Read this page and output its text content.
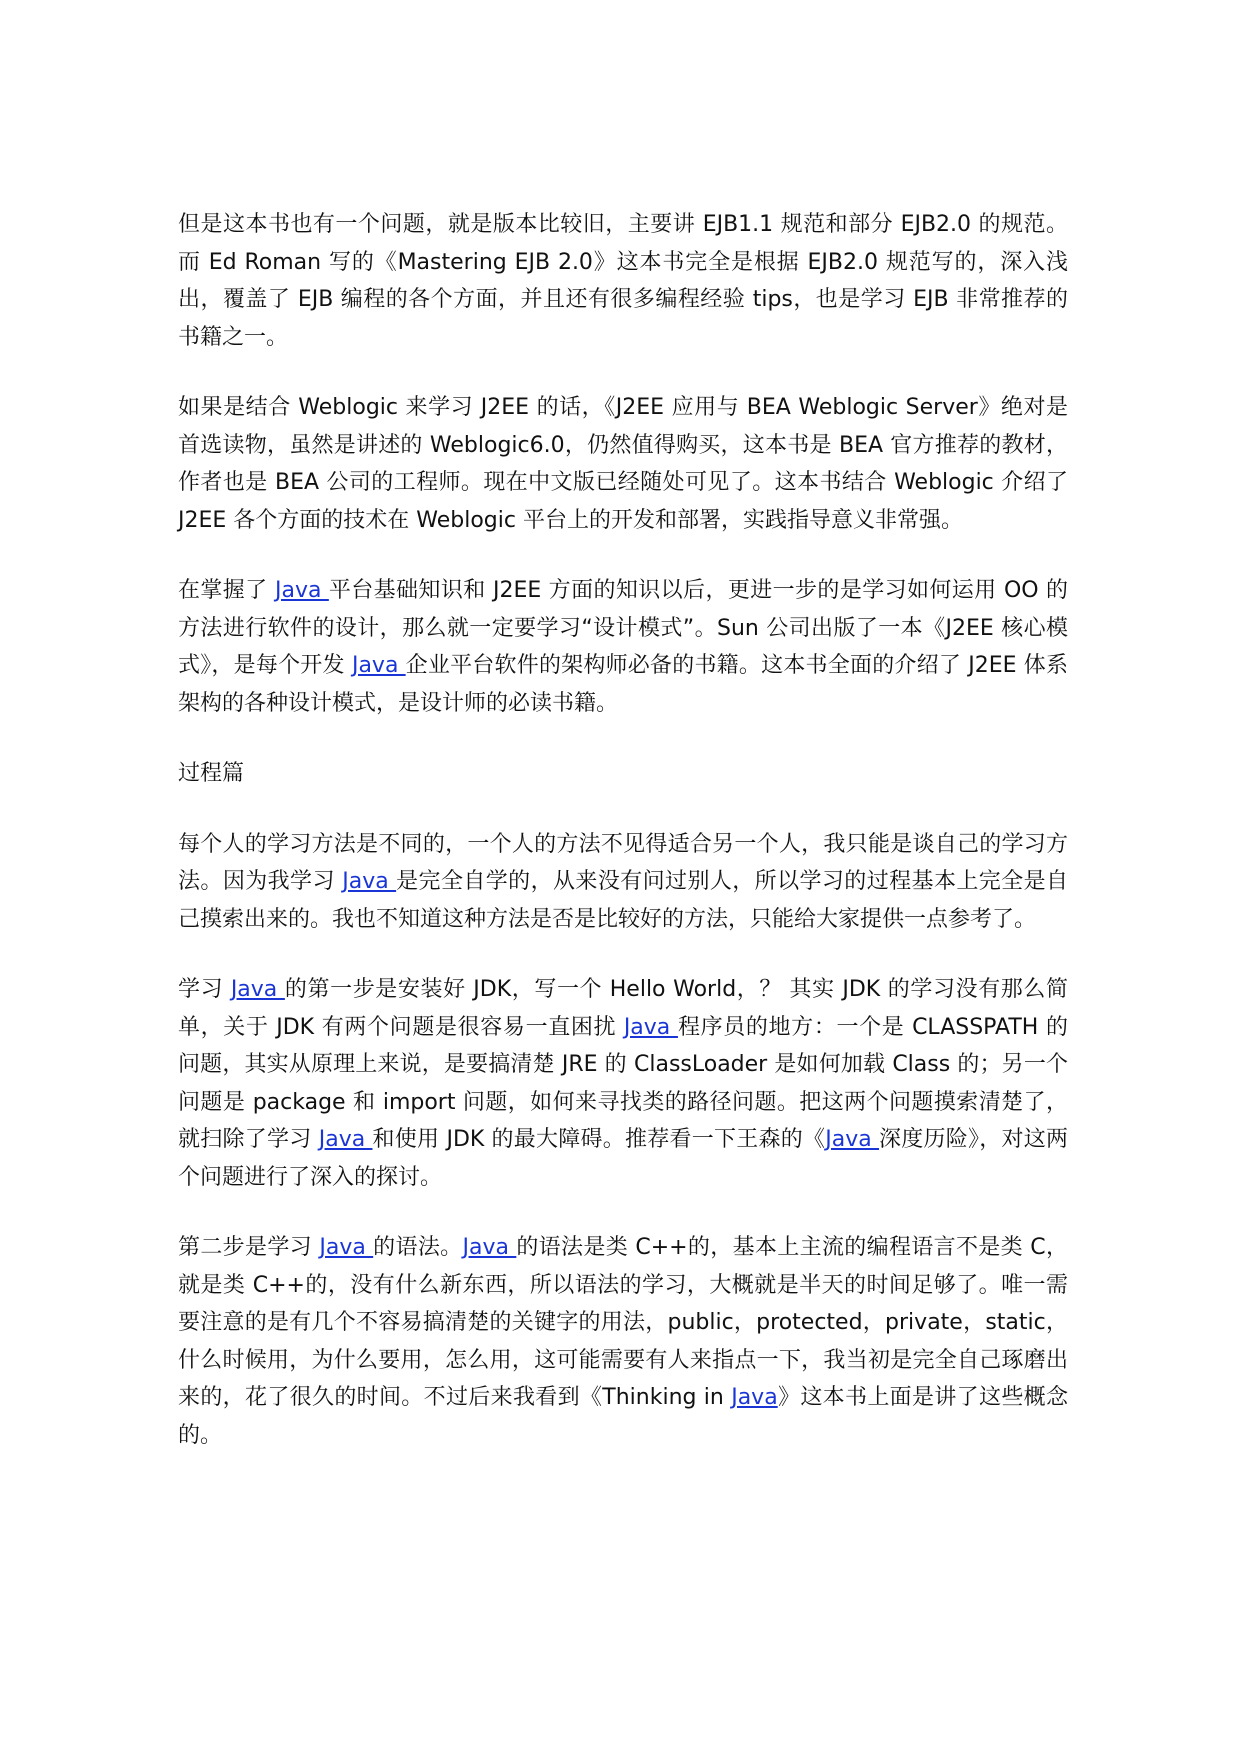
但是这本书也有一个问题，就是版本比较旧，主要讲 EJB1.1 规范和部分 EJB2.0 的规范。而 Ed Roman 写的《Mastering EJB 2.0》这本书完全是根据 EJB2.0 规范写的，深入浅出，覆盖了 EJB 编程的各个方面，并且还有很多编程经验 tips，也是学习 EJB 非常推荐的书籍之一。

如果是结合 Weblogic 来学习 J2EE 的话，《J2EE 应用与 BEA Weblogic Server》绝对是首选读物，虽然是讲述的 Weblogic6.0，仍然值得购买，这本书是 BEA 官方推荐的教材，作者也是 BEA 公司的工程师。现在中文版已经随处可见了。这本书结合 Weblogic 介绍了 J2EE 各个方面的技术在 Weblogic 平台上的开发和部署，实践指导意义非常强。

在掌握了 Java 平台基础知识和 J2EE 方面的知识以后，更进一步的是学习如何运用 OO 的方法进行软件的设计，那么就一定要学习“设计模式”。Sun 公司出版了一本《J2EE 核心模式》，是每个开发 Java 企业平台软件的架构师必备的书籍。这本书全面的介绍了 J2EE 体系架构的各种设计模式，是设计师的必读书籍。

过程篇

每个人的学习方法是不同的，一个人的方法不见得适合另一个人，我只能是谈自己的学习方法。因为我学习 Java 是完全自学的，从来没有问过别人，所以学习的过程基本上完全是自己摸索出来的。我也不知道这种方法是否是比较好的方法，只能给大家提供一点参考了。

学习 Java 的第一步是安装好 JDK，写一个 Hello World，？ 其实 JDK 的学习没有那么简单，关于 JDK 有两个问题是很容易一直困扰 Java 程序员的地方：一个是 CLASSPATH 的问题，其实从原理上来说，是要搞清楚 JRE 的 ClassLoader 是如何加载 Class 的；另一个问题是 package 和 import 问题，如何来寻找类的路径问题。把这两个问题摸索清楚了，就扫除了学习 Java 和使用 JDK 的最大障碍。推荐看一下王森的《Java 深度历险》，对这两个问题进行了深入的探讨。

第二步是学习 Java 的语法。Java 的语法是类 C++的，基本上主流的编程语言不是类 C，就是类 C++的，没有什么新东西，所以语法的学习，大概就是半天的时间足够了。唯一需要注意的是有几个不容易搞清楚的关键字的用法，public，protected，private，static，什么时候用，为什么要用，怎么用，这可能需要有人来指点一下，我当初是完全自己琢磨出来的，花了很久的时间。不过后来我看到《Thinking in Java》这本书上面是讲了这些概念的。
